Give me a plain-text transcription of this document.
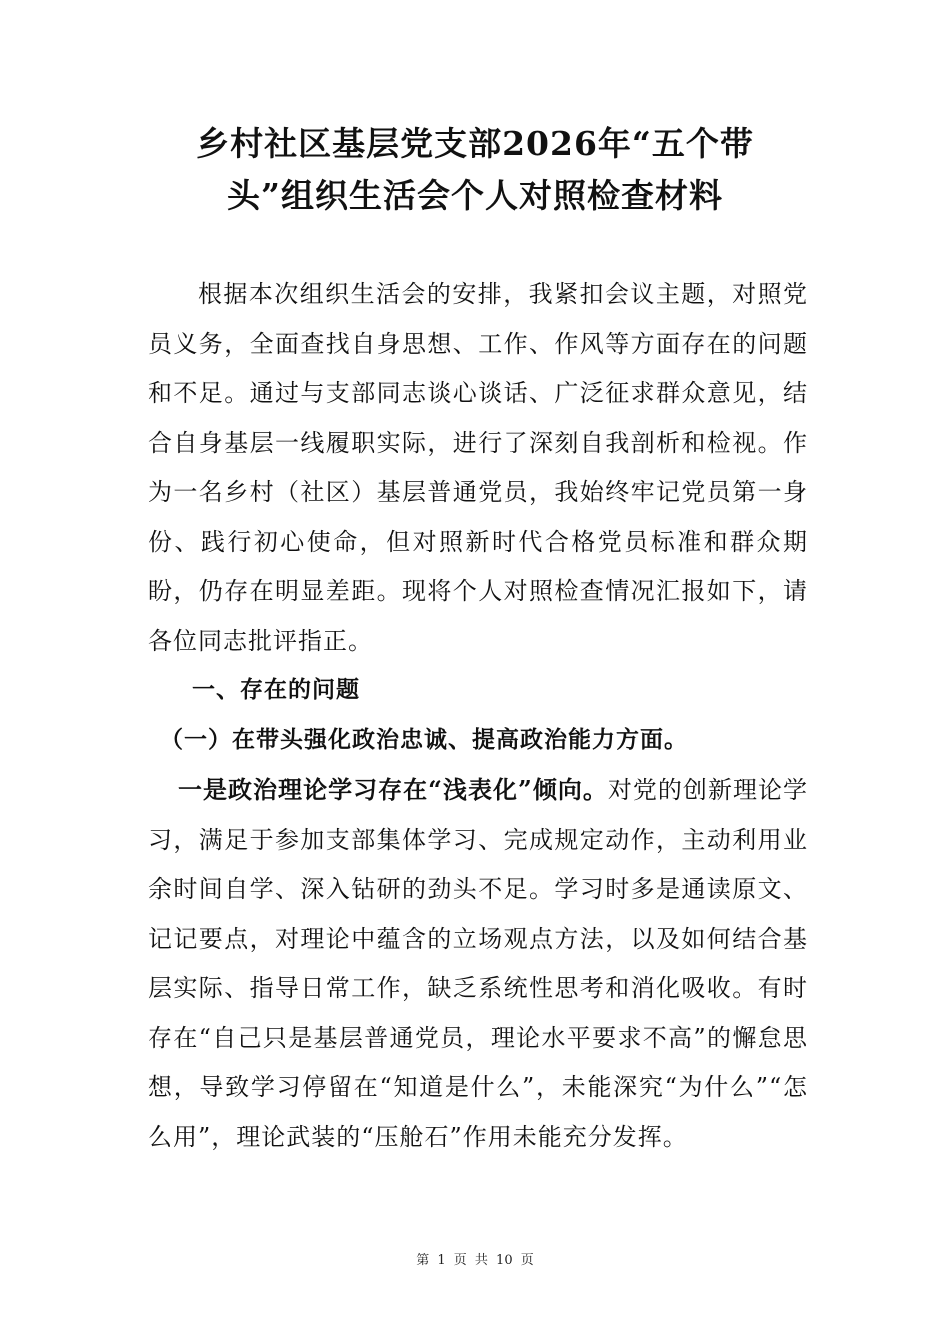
乡村社区基层党支部2026年“五个带
头”组织生活会个人对照检查材料

根据本次组织生活会的安排，我紧扣会议主题，对照党员义务，全面查找自身思想、工作、作风等方面存在的问题和不足。通过与支部同志谈心谈话、广泛征求群众意见，结合自身基层一线履职实际，进行了深刻自我剖析和检视。作为一名乡村（社区）基层普通党员，我始终牢记党员第一身份、践行初心使命，但对照新时代合格党员标准和群众期盼，仍存在明显差距。现将个人对照检查情况汇报如下，请各位同志批评指正。

一、存在的问题

（一）在带头强化政治忠诚、提高政治能力方面。

一是政治理论学习存在“浅表化”倾向。对党的创新理论学习，满足于参加支部集体学习、完成规定动作，主动利用业余时间自学、深入钻研的劲头不足。学习时多是通读原文、记记要点，对理论中蕴含的立场观点方法，以及如何结合基层实际、指导日常工作，缺乏系统性思考和消化吸收。有时存在“自己只是基层普通党员，理论水平要求不高”的懈怠思想，导致学习停留在“知道是什么”，未能深究“为什么”“怎么用”，理论武装的“压舱石”作用未能充分发挥。

第 1 页 共 10 页
